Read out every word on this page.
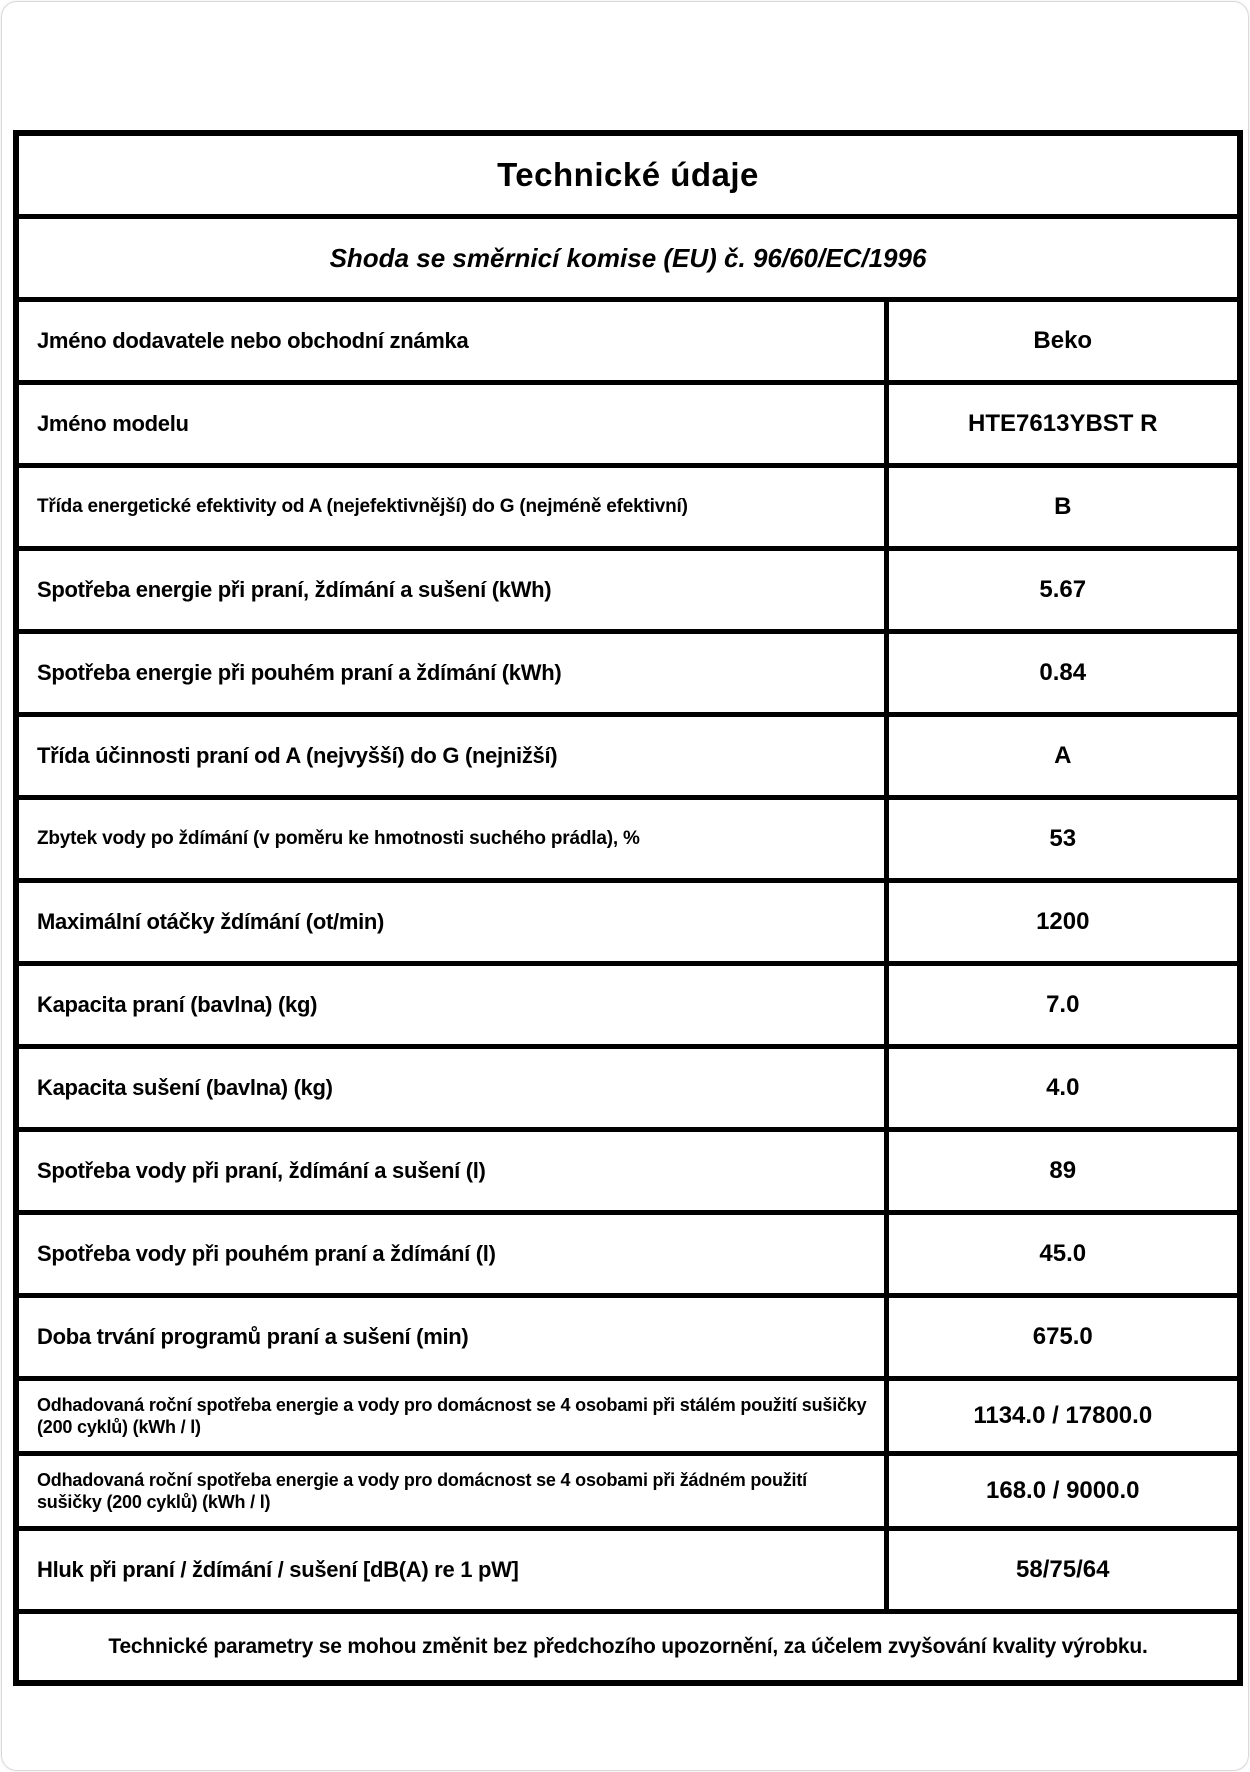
Technické údaje	
Shoda se směrnicí komise (EU) č. 96/60/EC/1996	
Jméno dodavatele nebo obchodní známka	Beko
Jméno modelu	HTE7613YBST R
Třída energetické efektivity od A (nejefektivnější) do G (nejméně efektivní)	B
Spotřeba energie při praní, ždímání a sušení (kWh)	5.67
Spotřeba energie při pouhém praní a ždímání (kWh)	0.84
Třída účinnosti praní od A (nejvyšší) do G (nejnižší)	A
Zbytek vody po ždímání (v poměru ke hmotnosti suchého prádla), %	53
Maximální otáčky ždímání (ot/min)	1200
Kapacita praní (bavlna) (kg)	7.0
Kapacita sušení (bavlna) (kg)	4.0
Spotřeba vody při praní, ždímání a sušení (l)	89
Spotřeba vody při pouhém praní a ždímání (l)	45.0
Doba trvání programů praní a sušení (min)	675.0
Odhadovaná roční spotřeba energie a vody pro domácnost se 4 osobami při stálém použití sušičky (200 cyklů) (kWh / l)	1134.0 / 17800.0
Odhadovaná roční spotřeba energie a vody pro domácnost se 4 osobami při žádném použití sušičky (200 cyklů) (kWh / l)	168.0 / 9000.0
Hluk při praní / ždímání / sušení [dB(A) re 1 pW]	58/75/64
Technické parametry se mohou změnit bez předchozího upozornění, za účelem zvyšování kvality výrobku.	
